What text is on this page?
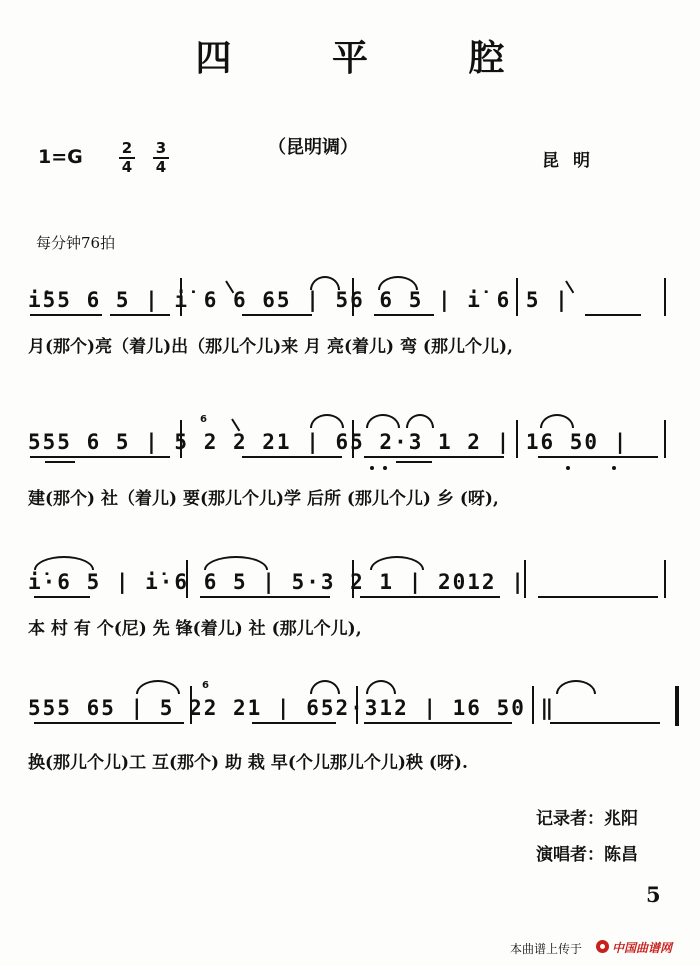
四 平 腔
1=G	2
4
3
4
（昆明调）
昆明
每分钟76拍
i̇55 6 5 | i̇ 6 6 65 | 56 6 5 | i̇ 6 5 |
月(那个)亮（着儿)出（那儿个儿)来 月 亮(着儿) 弯 (那儿个儿),
555 6 5 | 5 2 2 21 | 65 2·3 1 2 | 16 50 |
6
建(那个) 社（着儿) 要(那儿个儿)学 后所 (那儿个儿) 乡 (呀),
i̇·6 5 | i̇·6 6 5 | 5·3 2 1 | 2012 |
本 村 有 个(尼) 先 锋(着儿) 社 (那儿个儿),
555 65 | 5 22 21 | 652·312 | 16 50 ‖
6
换(那儿个儿)工 互(那个) 助 栽 早(个儿那儿个儿)秧 (呀).
记录者：兆阳
演唱者：陈昌
5
本曲谱上传于 中国曲谱网
